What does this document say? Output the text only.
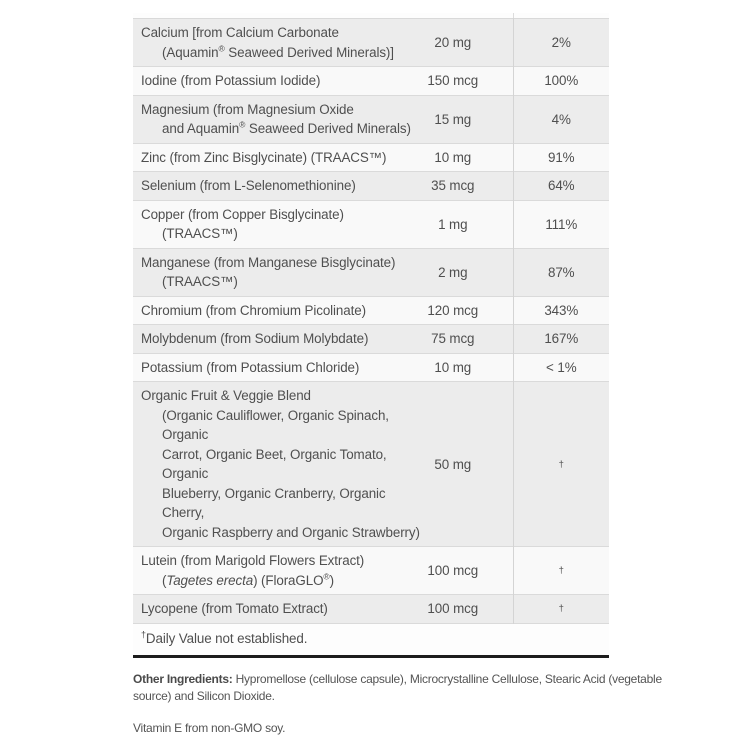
Calcium [from Calcium Carbonate
(Aquamin® Seaweed Derived Minerals)]	20 mg	2%

Iodine (from Potassium Iodide)	150 mcg	100%

Magnesium (from Magnesium Oxide
and Aquamin® Seaweed Derived Minerals)	15 mg	4%

Zinc (from Zinc Bisglycinate) (TRAACS™)	10 mg	91%

Selenium (from L-Selenomethionine)	35 mcg	64%

Copper (from Copper Bisglycinate)
(TRAACS™)	1 mg	111%

Manganese (from Manganese Bisglycinate)
(TRAACS™)	2 mg	87%

Chromium (from Chromium Picolinate)	120 mcg	343%

Molybdenum (from Sodium Molybdate)	75 mcg	167%

Potassium (from Potassium Chloride)	10 mg	< 1%

Organic Fruit & Veggie Blend
(Organic Cauliflower, Organic Spinach,
Organic
Carrot, Organic Beet, Organic Tomato,
Organic
Blueberry, Organic Cranberry, Organic
Cherry,
Organic Raspberry and Organic Strawberry)
	50 mg	†

Lutein (from Marigold Flowers Extract)
(Tagetes erecta) (FloraGLO®)	100 mcg	†

Lycopene (from Tomato Extract)	100 mcg	†
†Daily Value not established.		

Other Ingredients: Hypromellose (cellulose capsule), Microcrystalline Cellulose, Stearic Acid (vegetable
source) and Silicon Dioxide.

Vitamin E from non-GMO soy.
